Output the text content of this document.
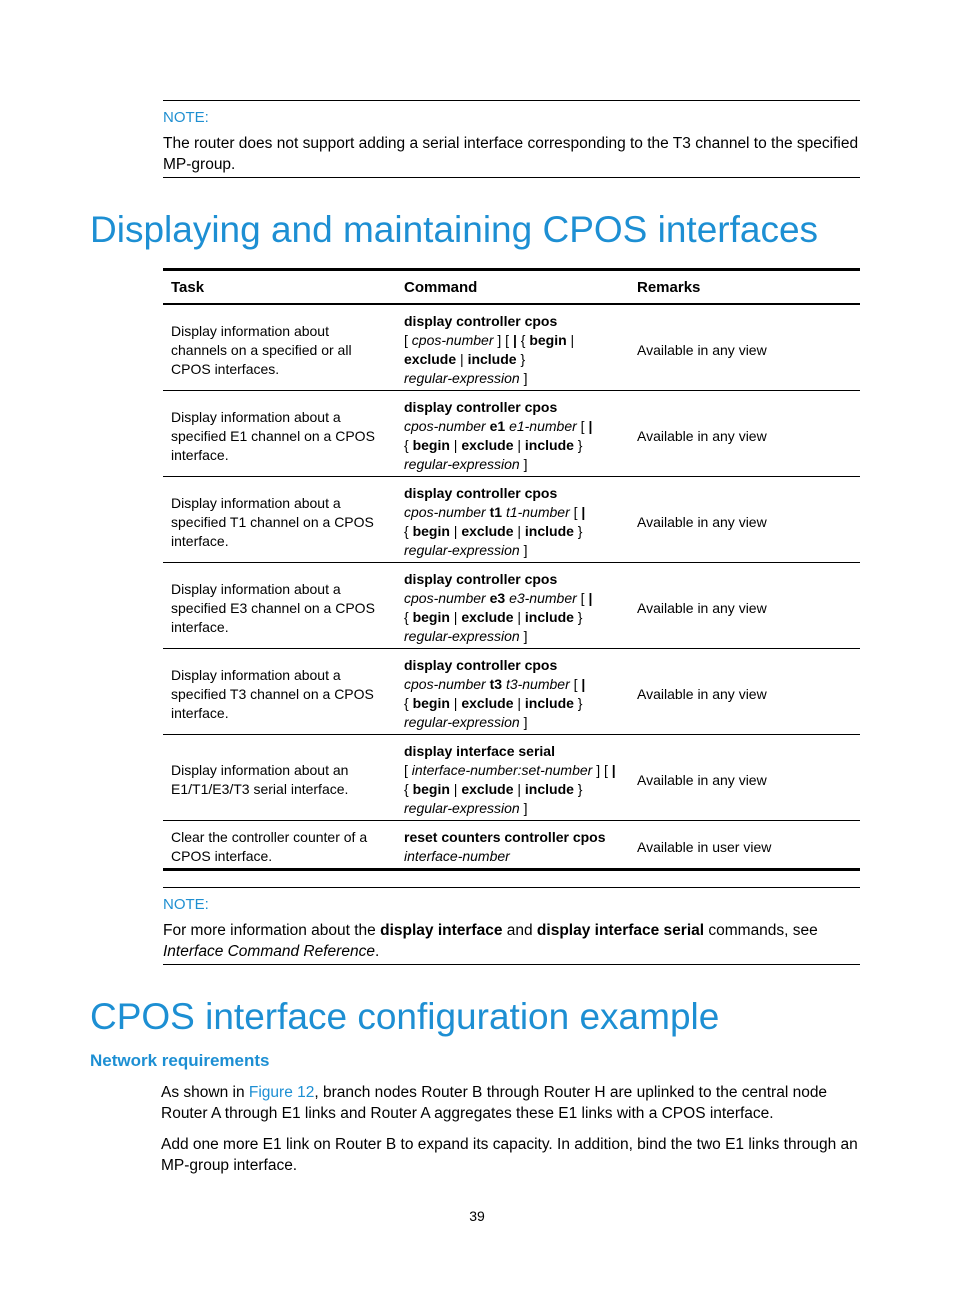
NOTE:
The router does not support adding a serial interface corresponding to the T3 channel to the specified MP-group.
Displaying and maintaining CPOS interfaces
Task	Command	Remarks
Display information about channels on a specified or all CPOS interfaces.	display controller cpos
[ cpos-number ] [ | { begin |
exclude | include }
regular-expression ]	Available in any view
Display information about a specified E1 channel on a CPOS interface.	display controller cpos
cpos-number e1 e1-number [ |
{ begin | exclude | include }
regular-expression ]	Available in any view
Display information about a specified T1 channel on a CPOS interface.	display controller cpos
cpos-number t1 t1-number [ |
{ begin | exclude | include }
regular-expression ]	Available in any view
Display information about a specified E3 channel on a CPOS interface.	display controller cpos
cpos-number e3 e3-number [ |
{ begin | exclude | include }
regular-expression ]	Available in any view
Display information about a specified T3 channel on a CPOS interface.	display controller cpos
cpos-number t3 t3-number [ |
{ begin | exclude | include }
regular-expression ]	Available in any view
Display information about an E1/T1/E3/T3 serial interface.	display interface serial
[ interface-number:set-number ] [ |
{ begin | exclude | include }
regular-expression ]	Available in any view
Clear the controller counter of a CPOS interface.	reset counters controller cpos
interface-number	Available in user view
NOTE:
For more information about the display interface and display interface serial commands, see Interface Command Reference.
CPOS interface configuration example
Network requirements

As shown in Figure 12, branch nodes Router B through Router H are uplinked to the central node Router A through E1 links and Router A aggregates these E1 links with a CPOS interface.

Add one more E1 link on Router B to expand its capacity. In addition, bind the two E1 links through an MP-group interface.

39
